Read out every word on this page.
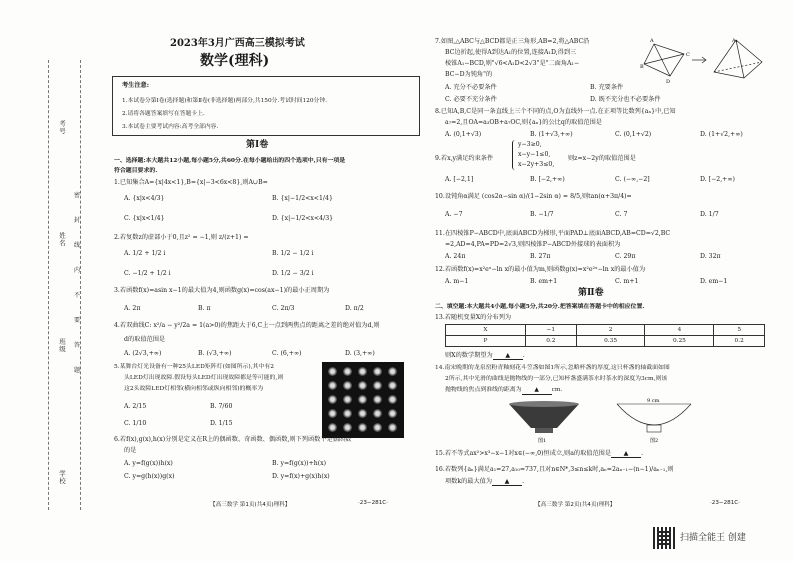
考号
姓名
班级
学校
密
封
线
内
不
要
答
题
2023年3月广西高三模拟考试
数学(理科)
考生注意:
1.本试卷分第Ⅰ卷(选择题)和第Ⅱ卷(非选择题)两部分,共150分.考试时间120分钟.
2.请将各题答案填写在答题卡上.
3.本试卷主要考试内容:高考全部内容.
第Ⅰ卷
一、选择题:本大题共12小题,每小题5分,共60分.在每小题给出的四个选项中,只有一项是
符合题目要求的.
1.已知集合A={x|4x<1},B={x|−3<6x<8},则A∪B=
A. {x|x<4/3}	B. {x|−1/2<x<1/4}
C. {x|x<1/4}	D. {x|−1/2<x<4/3}
2.若复数z的虚部小于0,且z² = −1,则 z/(z+1) =
A. 1/2 + 1/2 i	B. 1/2 − 1/2 i
C. −1/2 + 1/2 i	D. 1/2 − 3/2 i
3.若函数f(x)=asin x−1的最大值为4,则函数g(x)=cos(ax−1)的最小正周期为
A. 2π	B. π	C. 2π/3	D. π/2
4.若双曲线C: x²/a − y²/2a = 1(a>0)的焦距大于6,C上一点到两焦点的距离之差的绝对值为d,则
d的取值范围是
A. (2√3,+∞)	B. (√3,+∞)	C. (6,+∞)	D. (3,+∞)
5.某舞台灯光设备有一种25头LED矩阵灯(如图所示),其中有2
头LED灯出现故障.假设每头LED灯出现故障都是等可能的,则
这2头故障LED灯相邻(横向相邻或纵向相邻)的概率为
A. 2/15	B. 7/60
C. 1/10	D. 1/15
6.若f(x),g(x),h(x)分别是定义在R上的偶函数、奇函数、偶函数,则下列函数不是偶函数
的是
A. y=f(g(x))h(x)	B. y=f(g(x))+h(x)
C. y=g(h(x))g(x)	D. y=f(x)+g(x)h(x)
【高三数学 第1页(共4页)理科】	·23−281C·
7.如图,△ABC与△BCD都是正三角形,AB=2,将△ABC沿
BC边折起,使得A到达A₁的位置,连接A₁D,得到三
棱锥A₁−BCD,则"√6<A₁D<2√3"是"二面角A₁−
BC−D为钝角"的
A. 充分不必要条件	B. 充要条件
C. 必要不充分条件	D. 既不充分也不必要条件
A
B
C
D
A₁
8.已知A,B,C是同一条直线上三个不同的点,O为直线外一点.在正项等比数列{aₙ}中,已知
a₇=2,且OA=a₃OB+a₇OC,则{aₙ}的公比q的取值范围是
A. (0,1+√3)	B. (1+√3,+∞)	C. (0,1+√2)	D. (1+√2,+∞)
9.若x,y满足约束条件
y−3≥0,
x−y−1≤0,
x−2y+3≤0,
则z=x−2y的取值范围是
A. [−2,1]	B. [−2,+∞)	C. (−∞,−2]	D. [−2,+∞)
10.设钝角α满足 (cos2α−sin α)/(1−2sin α) = 8/5,则tan(α+3π/4)=
A. −7	B. −1/7	C. 7	D. 1/7
11.在四棱锥P−ABCD中,底面ABCD为梯形,平面PAD⊥底面ABCD,AB=CD=√2,BC
=2,AD=4,PA=PD=2√3,则四棱锥P−ABCD外接球的表面积为
A. 24π	B. 27π	C. 29π	D. 32π
12.若函数f(x)=x²eˣ−ln x的最小值为m,则函数g(x)=x²e²ˣ−ln x的最小值为
A. m−1	B. em+1	C. m+1	D. em−1
第Ⅱ卷
二、填空题:本大题共4小题,每小题5分,共20分.把答案填在答题卡中的相应位置.
13.若随机变量X的分布列为
X	−1	2	4	5
P	0.2	0.35	0.25	0.2
则X的数学期望为 ▲ .
14.南宋晚期的龙泉窑粉青釉刻花斗笠盏如图1所示,忽略杯盏的厚度,这只杯盏的轴截面如图
2所示,其中光滑的曲线是抛物线的一部分,已知杯盏盛满茶水时茶水的深度为3cm,则该
抛物线的焦点到准线的距离为 ▲ cm.
图1
9 cm
图2
15.若不等式ax²>x³−x−1对x∈(−∞,0)恒成立,则a的取值范围是 ▲ .
16.若数列{aₙ}满足a₁=27,a₁₀=737,且对n∈N*,3≤n≤k时,aₙ=2aₙ₋₁−(n−1)/aₙ₋₁,则
项数k的最大值为 ▲ .
【高三数学 第2页(共4页)理科】	·23−281C·
扫描全能王 创建
